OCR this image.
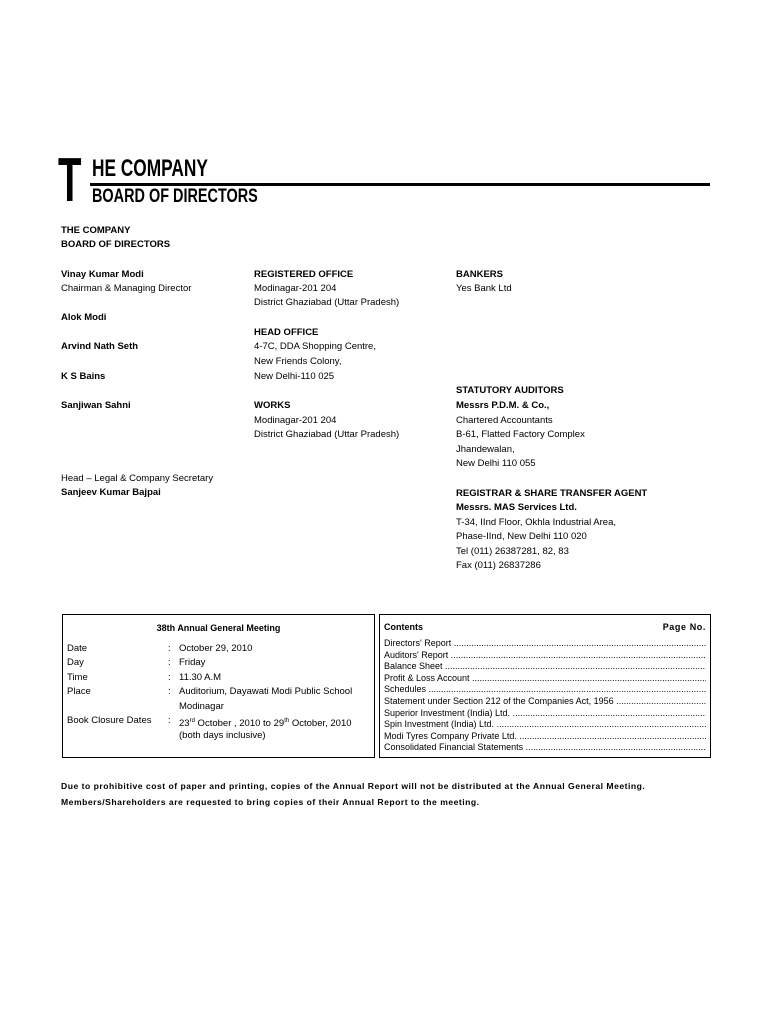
T HE COMPANY
BOARD OF DIRECTORS
THE COMPANY
BOARD OF DIRECTORS
Vinay Kumar Modi
Chairman & Managing Director
Alok Modi
Arvind Nath Seth
K S Bains
Sanjiwan Sahni
Head – Legal & Company Secretary
Sanjeev Kumar Bajpai
REGISTERED OFFICE
Modinagar-201 204
District Ghaziabad (Uttar Pradesh)
HEAD OFFICE
4-7C, DDA Shopping Centre,
New Friends Colony,
New Delhi-110 025
WORKS
Modinagar-201 204
District Ghaziabad (Uttar Pradesh)
BANKERS
Yes Bank Ltd
STATUTORY AUDITORS
Messrs P.D.M. & Co.,
Chartered Accountants
B-61, Flatted Factory Complex
Jhandewalan,
New Delhi 110 055
REGISTRAR & SHARE TRANSFER AGENT
Messrs. MAS Services Ltd.
T-34, IInd Floor, Okhla Industrial Area,
Phase-IInd, New Delhi 110 020
Tel (011) 26387281, 82, 83
Fax (011) 26837286
38th Annual General Meeting
Date	: October 29, 2010
Day	: Friday
Time	: 11.30 A.M
Place	: Auditorium, Dayawati Modi Public School
Modinagar
Book Closure Dates : 23rd October , 2010 to 29th October, 2010
(both days inclusive)
Contents	Page No.
Directors' Report .....
Auditors' Report .....
Balance Sheet .....
Profit & Loss Account .....
Schedules .....
Statement under Section 212 of the Companies Act, 1956 .....
Superior Investment (India) Ltd. .....
Spin Investment (India) Ltd. .....
Modi Tyres Company Private Ltd. .....
Consolidated Financial Statements .....
Due to prohibitive cost of paper and printing, copies of the Annual Report will not be distributed at the Annual General Meeting.
Members/Shareholders are requested to bring copies of their Annual Report to the meeting.
